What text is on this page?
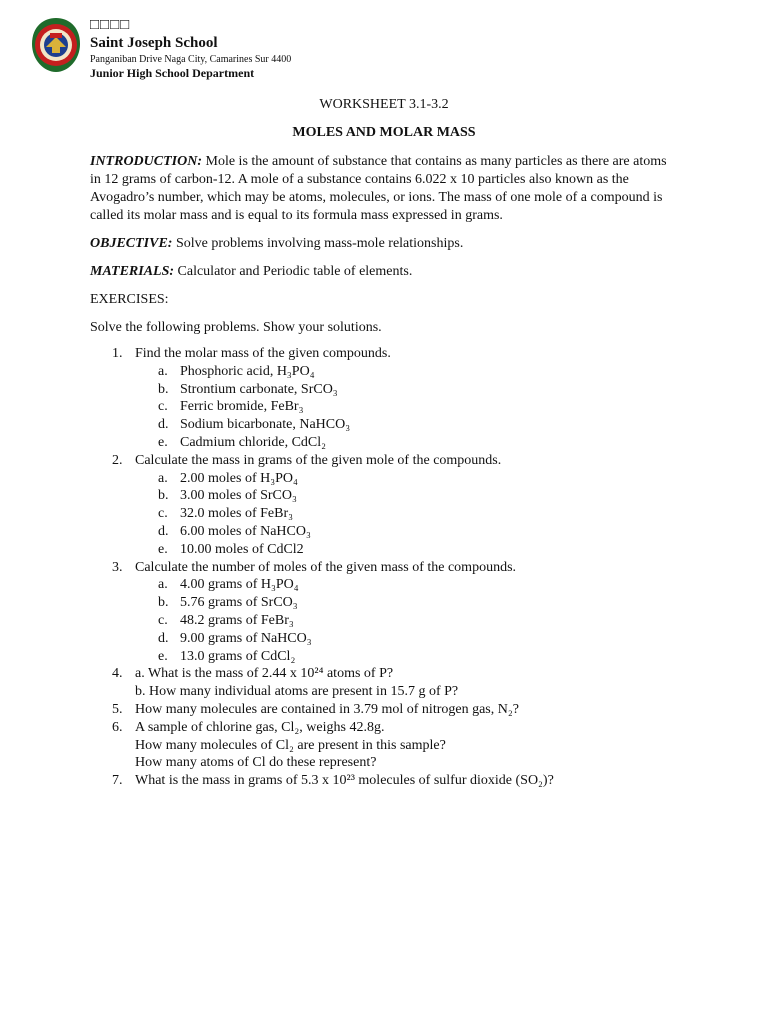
□□□□
Saint Joseph School
Panganiban Drive Naga City, Camarines Sur 4400
Junior High School Department
WORKSHEET 3.1-3.2
MOLES AND MOLAR MASS

INTRODUCTION: Mole is the amount of substance that contains as many particles as there are atoms in 12 grams of carbon-12. A mole of a substance contains 6.022 x 10 particles also known as the Avogadro’s number, which may be atoms, molecules, or ions. The mass of one mole of a compound is called its molar mass and is equal to its formula mass expressed in grams.

OBJECTIVE: Solve problems involving mass-mole relationships.

MATERIALS: Calculator and Periodic table of elements.

EXERCISES:

Solve the following problems. Show your solutions.

1. Find the molar mass of the given compounds.
a. Phosphoric acid, H₃PO₄
b. Strontium carbonate, SrCO₃
c. Ferric bromide, FeBr₃
d. Sodium bicarbonate, NaHCO₃
e. Cadmium chloride, CdCl₂
2. Calculate the mass in grams of the given mole of the compounds.
a. 2.00 moles of H₃PO₄
b. 3.00 moles of SrCO₃
c. 32.0 moles of FeBr₃
d. 6.00 moles of NaHCO₃
e. 10.00 moles of CdCl2
3. Calculate the number of moles of the given mass of the compounds.
a. 4.00 grams of H₃PO₄
b. 5.76 grams of SrCO₃
c. 48.2 grams of FeBr₃
d. 9.00 grams of NaHCO₃
e. 13.0 grams of CdCl₂
4. a. What is the mass of 2.44 x 10²⁴ atoms of P?
b. How many individual atoms are present in 15.7 g of P?
5. How many molecules are contained in 3.79 mol of nitrogen gas, N₂?
6. A sample of chlorine gas, Cl₂, weighs 42.8g.
How many molecules of Cl₂ are present in this sample?
How many atoms of Cl do these represent?
7. What is the mass in grams of 5.3 x 10²³ molecules of sulfur dioxide (SO₂)?
